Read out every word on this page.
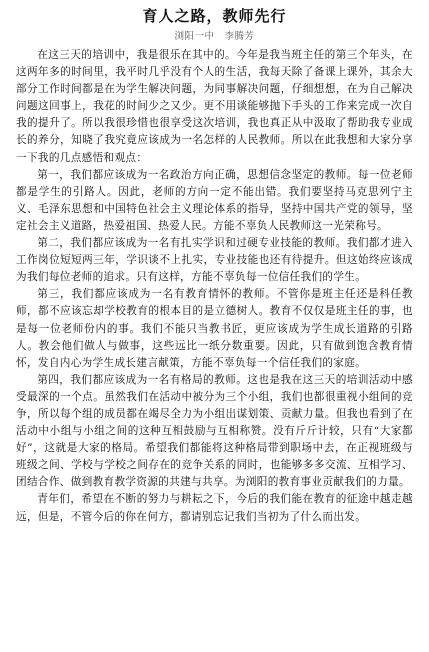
育人之路，教师先行
浏阳一中　李腾芳

在这三天的培训中，我是很乐在其中的。今年是我当班主任的第三个年头，在这两年多的时间里，我平时几乎没有个人的生活，我每天除了备课上课外，其余大部分工作时间都是在为学生解决问题，为同事解决问题，仔细想想，在为自己解决问题这回事上，我花的时间少之又少。更不用谈能够抛下手头的工作来完成一次自我的提升了。所以我很珍惜也很享受这次培训，我也真正从中汲取了帮助我专业成长的养分，知晓了我究竟应该成为一名怎样的人民教师。所以在此我想和大家分享一下我的几点感悟和观点：

第一，我们都应该成为一名政治方向正确，思想信念坚定的教师。每一位老师都是学生的引路人。因此，老师的方向一定不能出错。我们要坚持马克思列宁主义、毛泽东思想和中国特色社会主义理论体系的指导，坚持中国共产党的领导，坚定社会主义道路，热爱祖国、热爱人民。方能不辜负人民教师这一光荣称号。

第二，我们都应该成为一名有扎实学识和过硬专业技能的教师。我们都才进入工作岗位短短两三年，学识谈不上扎实，专业技能也还有待提升。但这始终应该成为我们每位老师的追求。只有这样，方能不辜负每一位信任我们的学生。

第三，我们都应该成为一名有教育情怀的教师。不管你是班主任还是科任教师，都不应该忘却学校教育的根本目的是立德树人。教育不仅仅是班主任的事，也是每一位老师份内的事。我们不能只当教书匠，更应该成为学生成长道路的引路人。教会他们做人与做事，这些远比一纸分数重要。因此，只有做到饱含教育情怀，发自内心为学生成长建言献策，方能不辜负每一个信任我们的家庭。

第四，我们都应该成为一名有格局的教师。这也是我在这三天的培训活动中感受最深的一个点。虽然我们在活动中被分为三个小组，我们也都很重视小组间的竞争，所以每个组的成员都在竭尽全力为小组出谋划策、贡献力量。但我也看到了在活动中小组与小组之间的这种互相鼓励与互相称赞。没有斤斤计较，只有“大家都好”，这就是大家的格局。希望我们都能将这种格局带到职场中去，在正视班级与班级之间、学校与学校之间存在的竞争关系的同时，也能够多多交流、互相学习、团结合作、做到教育教学资源的共建与共享。为浏阳的教育事业贡献我们的力量。

青年们，希望在不断的努力与耕耘之下，今后的我们能在教育的征途中越走越远，但是，不管今后的你在何方，都请别忘记我们当初为了什么而出发。
